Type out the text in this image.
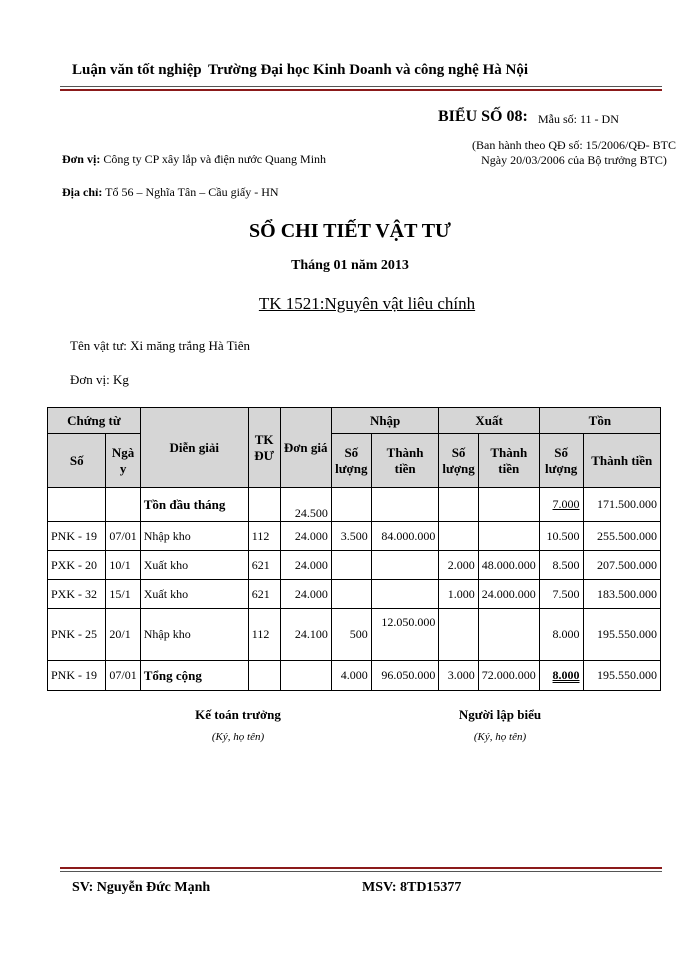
Luận văn tốt nghiệp Trường Đại học Kinh Doanh và công nghệ Hà Nội
BIỂU SỐ 08: Mẫu số: 11 - DN
(Ban hành theo QĐ số: 15/2006/QĐ- BTC Ngày 20/03/2006 của Bộ trưởng BTC)
Đơn vị: Công ty CP xây lắp và điện nước Quang Minh
Địa chỉ: Tổ 56 – Nghĩa Tân – Cầu giấy - HN
SỔ CHI TIẾT VẬT TƯ
Tháng 01 năm 2013
TK 1521:Nguyên vật liêu chính
Tên vật tư: Xi măng trắng Hà Tiên
Đơn vị: Kg
Chứng từ		Diễn giải	TK ĐƯ	Đơn giá	Nhập		Xuất		Tồn	
Số	Ngà y				Số lượng	Thành tiền	Số lượng	Thành tiền	Số lượng	Thành tiền
		Tồn đầu tháng		24.500					7.000	171.500.000
PNK - 19	07/01	Nhập kho	112	24.000	3.500	84.000.000			10.500	255.500.000
PXK - 20	10/1	Xuất kho	621	24.000			2.000	48.000.000	8.500	207.500.000
PXK - 32	15/1	Xuất kho	621	24.000			1.000	24.000.000	7.500	183.500.000
PNK - 25	20/1	Nhập kho	112	24.100	500	12.050.000			8.000	195.550.000
PNK - 19	07/01	Tổng cộng			4.000	96.050.000	3.000	72.000.000	8.000	195.550.000
Kế toán trưởng
(Ký, họ tên)
Người lập biểu
(Ký, họ tên)
SV: Nguyễn Đức Mạnh	MSV: 8TD15377
